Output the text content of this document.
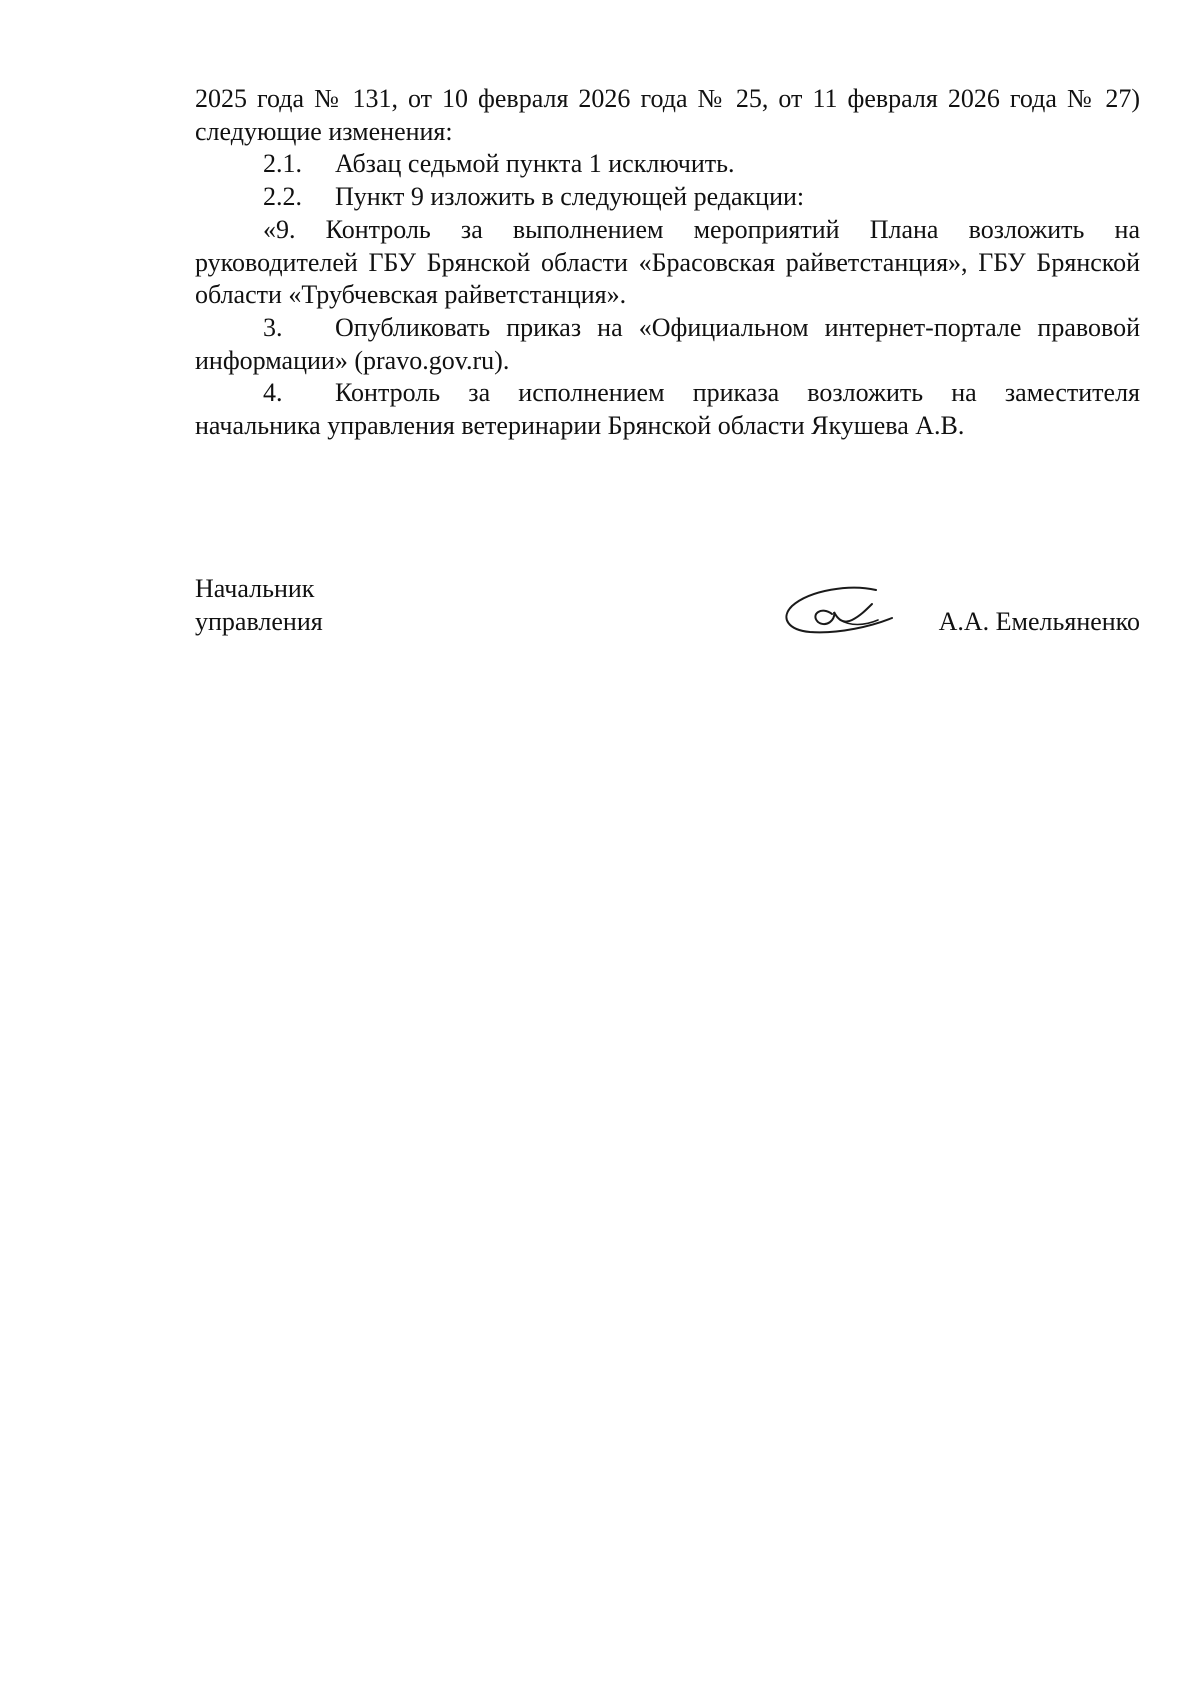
2025 года № 131, от 10 февраля 2026 года № 25, от 11 февраля 2026 года № 27) следующие изменения:

2.1. Абзац седьмой пункта 1 исключить.

2.2. Пункт 9 изложить в следующей редакции:

«9. Контроль за выполнением мероприятий Плана возложить на руководителей ГБУ Брянской области «Брасовская райветстанция», ГБУ Брянской области «Трубчевская райветстанция».

3. Опубликовать приказ на «Официальном интернет-портале правовой информации» (pravo.gov.ru).

4. Контроль за исполнением приказа возложить на заместителя начальника управления ветеринарии Брянской области Якушева А.В.

Начальник
управления	А.А. Емельяненко
